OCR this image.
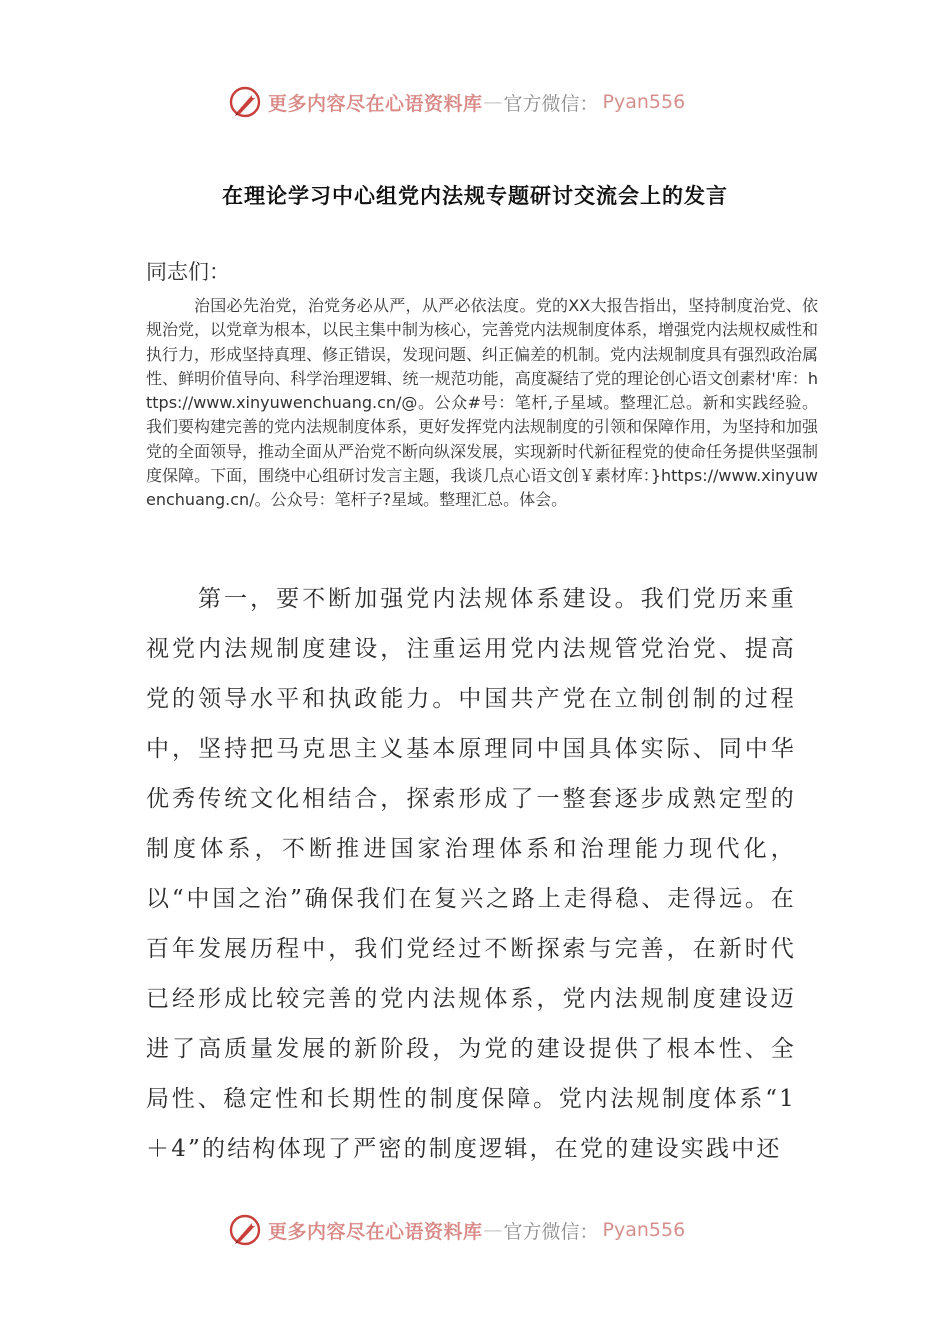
更多内容尽在心语资料库 — 官方微信： Pyan556
在理论学习中心组党内法规专题研讨交流会上的发言
同志们：

治国必先治党，治党务必从严，从严必依法度。党的XX大报告指出，坚持制度治党、依规治党，以党章为根本，以民主集中制为核心，完善党内法规制度体系，增强党内法规权威性和执行力，形成坚持真理、修正错误，发现问题、纠正偏差的机制。党内法规制度具有强烈政治属性、鲜明价值导向、科学治理逻辑、统一规范功能，高度凝结了党的理论创心语文创素材'库：https://www.xinyuwenchuang.cn/@。公众#号：笔杆,子星域。整理汇总。新和实践经验。我们要构建完善的党内法规制度体系，更好发挥党内法规制度的引领和保障作用，为坚持和加强党的全面领导，推动全面从严治党不断向纵深发展，实现新时代新征程党的使命任务提供坚强制度保障。下面，围绕中心组研讨发言主题，我谈几点心语文创￥素材库：}https://www.xinyuwenchuang.cn/。公众号：笔杆子?星域。整理汇总。体会。

第一，要不断加强党内法规体系建设。我们党历来重视党内法规制度建设，注重运用党内法规管党治党、提高党的领导水平和执政能力。中国共产党在立制创制的过程中，坚持把马克思主义基本原理同中国具体实际、同中华优秀传统文化相结合，探索形成了一整套逐步成熟定型的制度体系，不断推进国家治理体系和治理能力现代化，以“中国之治”确保我们在复兴之路上走得稳、走得远。在百年发展历程中，我们党经过不断探索与完善，在新时代已经形成比较完善的党内法规体系，党内法规制度建设迈进了高质量发展的新阶段，为党的建设提供了根本性、全局性、稳定性和长期性的制度保障。党内法规制度体系“1＋4”的结构体现了严密的制度逻辑，在党的建设实践中还

更多内容尽在心语资料库 — 官方微信： Pyan556
